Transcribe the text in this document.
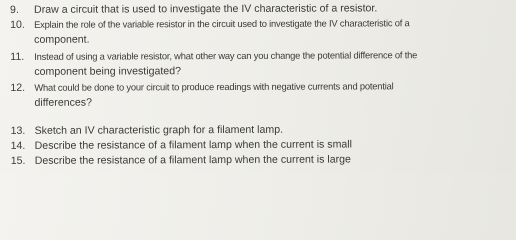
9. Draw a circuit that is used to investigate the IV characteristic of a resistor.
10. Explain the role of the variable resistor in the circuit used to investigate the IV characteristic of a
component.
11. Instead of using a variable resistor, what other way can you change the potential difference of the
component being investigated?
12. What could be done to your circuit to produce readings with negative currents and potential
differences?
13. Sketch an IV characteristic graph for a filament lamp.
14. Describe the resistance of a filament lamp when the current is small
15. Describe the resistance of a filament lamp when the current is large
